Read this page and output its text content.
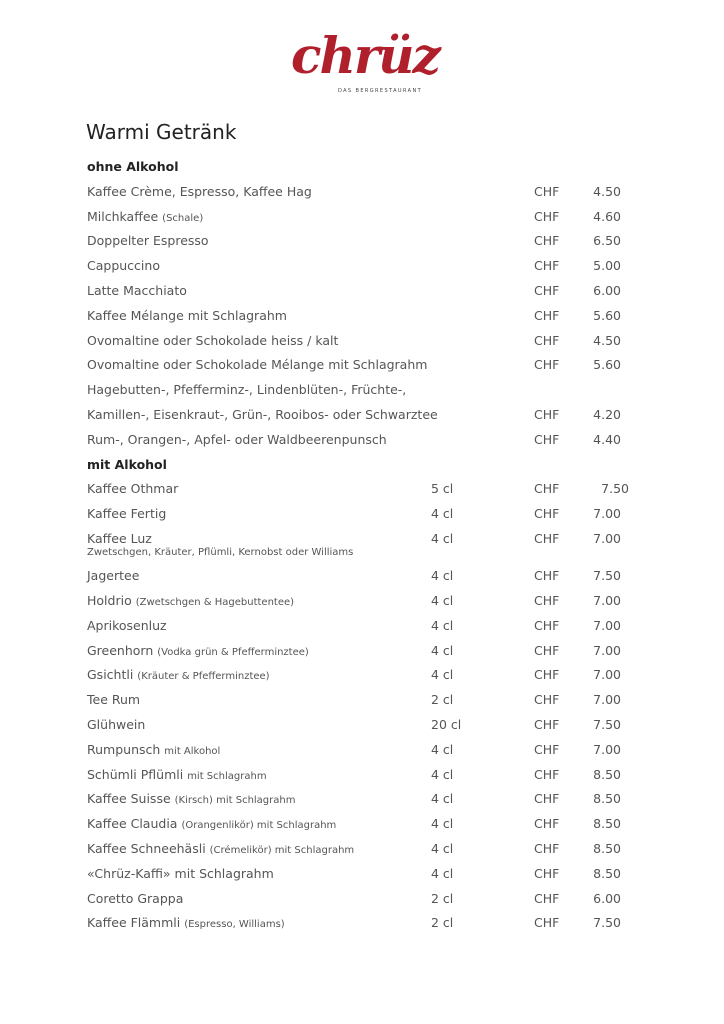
chrüz
DAS BERGRESTAURANT
Warmi Getränk
ohne Alkohol
Kaffee Crème, Espresso, Kaffee Hag	CHF	4.50
Milchkaffee (Schale)	CHF	4.60
Doppelter Espresso	CHF	6.50
Cappuccino	CHF	5.00
Latte Macchiato	CHF	6.00
Kaffee Mélange mit Schlagrahm	CHF	5.60
Ovomaltine oder Schokolade heiss / kalt	CHF	4.50
Ovomaltine oder Schokolade Mélange mit Schlagrahm	CHF	5.60
Hagebutten-, Pfefferminz-, Lindenblüten-, Früchte-,
Kamillen-, Eisenkraut-, Grün-, Rooibos- oder Schwarztee	CHF	4.20
Rum-, Orangen-, Apfel- oder Waldbeerenpunsch	CHF	4.40
mit Alkohol
Kaffee Othmar	5 cl	CHF	7.50
Kaffee Fertig	4 cl	CHF	7.00
Kaffee Luz	4 cl	CHF	7.00
Zwetschgen, Kräuter, Pflümli, Kernobst oder Williams
Jagertee	4 cl	CHF	7.50
Holdrio (Zwetschgen & Hagebuttentee)	4 cl	CHF	7.00
Aprikosenluz	4 cl	CHF	7.00
Greenhorn (Vodka grün & Pfefferminztee)	4 cl	CHF	7.00
Gsichtli (Kräuter & Pfefferminztee)	4 cl	CHF	7.00
Tee Rum	2 cl	CHF	7.00
Glühwein	20 cl	CHF	7.50
Rumpunsch mit Alkohol	4 cl	CHF	7.00
Schümli Pflümli mit Schlagrahm	4 cl	CHF	8.50
Kaffee Suisse (Kirsch) mit Schlagrahm	4 cl	CHF	8.50
Kaffee Claudia (Orangenlikör) mit Schlagrahm	4 cl	CHF	8.50
Kaffee Schneehäsli (Crémelikör) mit Schlagrahm	4 cl	CHF	8.50
«Chrüz-Kaffi» mit Schlagrahm	4 cl	CHF	8.50
Coretto Grappa	2 cl	CHF	6.00
Kaffee Flämmli (Espresso, Williams)	2 cl	CHF	7.50
